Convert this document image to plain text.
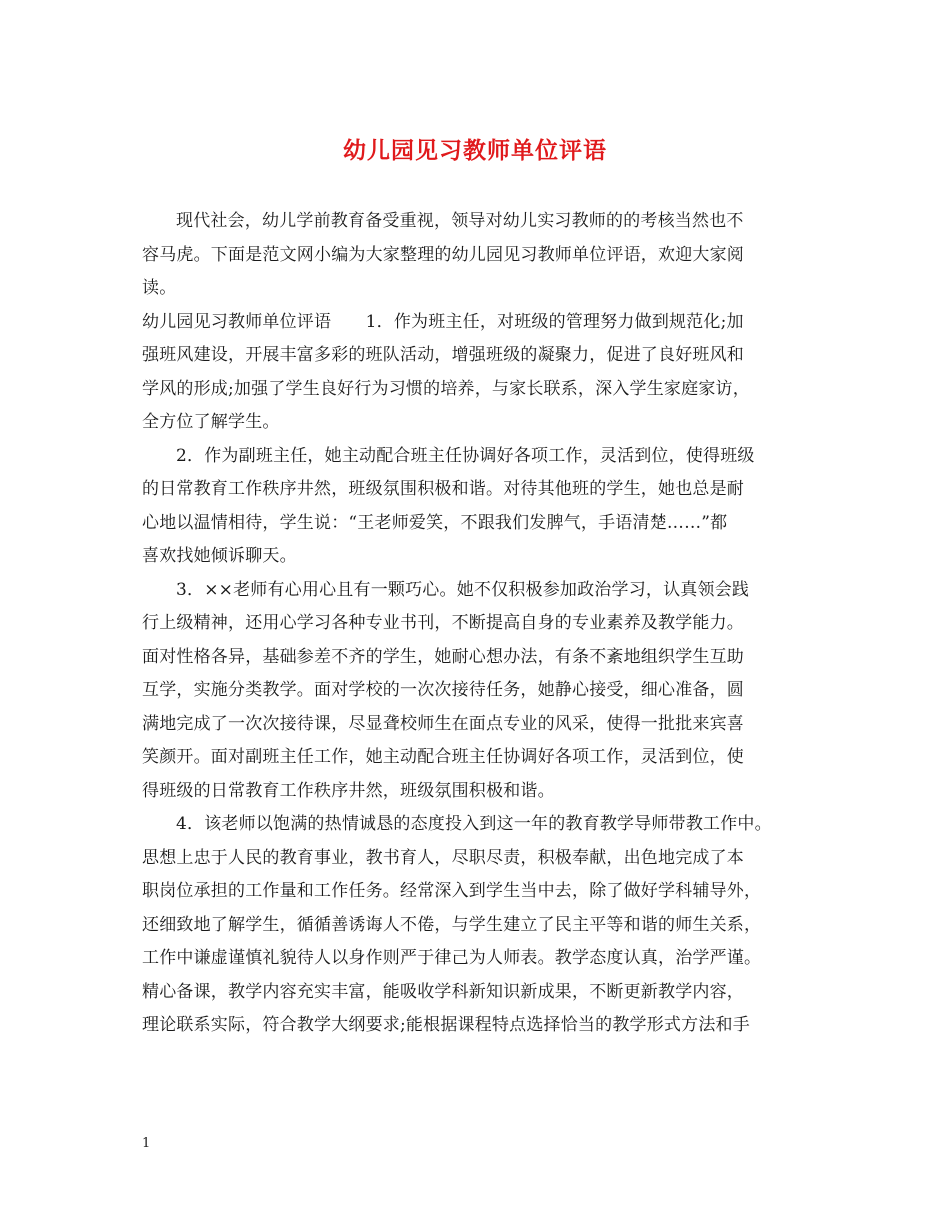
幼儿园见习教师单位评语
现代社会，幼儿学前教育备受重视，领导对幼儿实习教师的的考核当然也不
容马虎。下面是范文网小编为大家整理的幼儿园见习教师单位评语，欢迎大家阅
读。
幼儿园见习教师单位评语　　1．作为班主任，对班级的管理努力做到规范化;加
强班风建设，开展丰富多彩的班队活动，增强班级的凝聚力，促进了良好班风和
学风的形成;加强了学生良好行为习惯的培养，与家长联系，深入学生家庭家访，
全方位了解学生。
2．作为副班主任，她主动配合班主任协调好各项工作，灵活到位，使得班级
的日常教育工作秩序井然，班级氛围积极和谐。对待其他班的学生，她也总是耐
心地以温情相待，学生说：“王老师爱笑，不跟我们发脾气，手语清楚……”都
喜欢找她倾诉聊天。
3．××老师有心用心且有一颗巧心。她不仅积极参加政治学习，认真领会践
行上级精神，还用心学习各种专业书刊，不断提高自身的专业素养及教学能力。
面对性格各异，基础参差不齐的学生，她耐心想办法，有条不紊地组织学生互助
互学，实施分类教学。面对学校的一次次接待任务，她静心接受，细心准备，圆
满地完成了一次次接待课，尽显聋校师生在面点专业的风采，使得一批批来宾喜
笑颜开。面对副班主任工作，她主动配合班主任协调好各项工作，灵活到位，使
得班级的日常教育工作秩序井然，班级氛围积极和谐。
4．该老师以饱满的热情诚恳的态度投入到这一年的教育教学导师带教工作中。
思想上忠于人民的教育事业，教书育人，尽职尽责，积极奉献，出色地完成了本
职岗位承担的工作量和工作任务。经常深入到学生当中去，除了做好学科辅导外，
还细致地了解学生，循循善诱诲人不倦，与学生建立了民主平等和谐的师生关系，
工作中谦虚谨慎礼貌待人以身作则严于律己为人师表。教学态度认真，治学严谨。
精心备课，教学内容充实丰富，能吸收学科新知识新成果，不断更新教学内容，
理论联系实际，符合教学大纲要求;能根据课程特点选择恰当的教学形式方法和手
1
